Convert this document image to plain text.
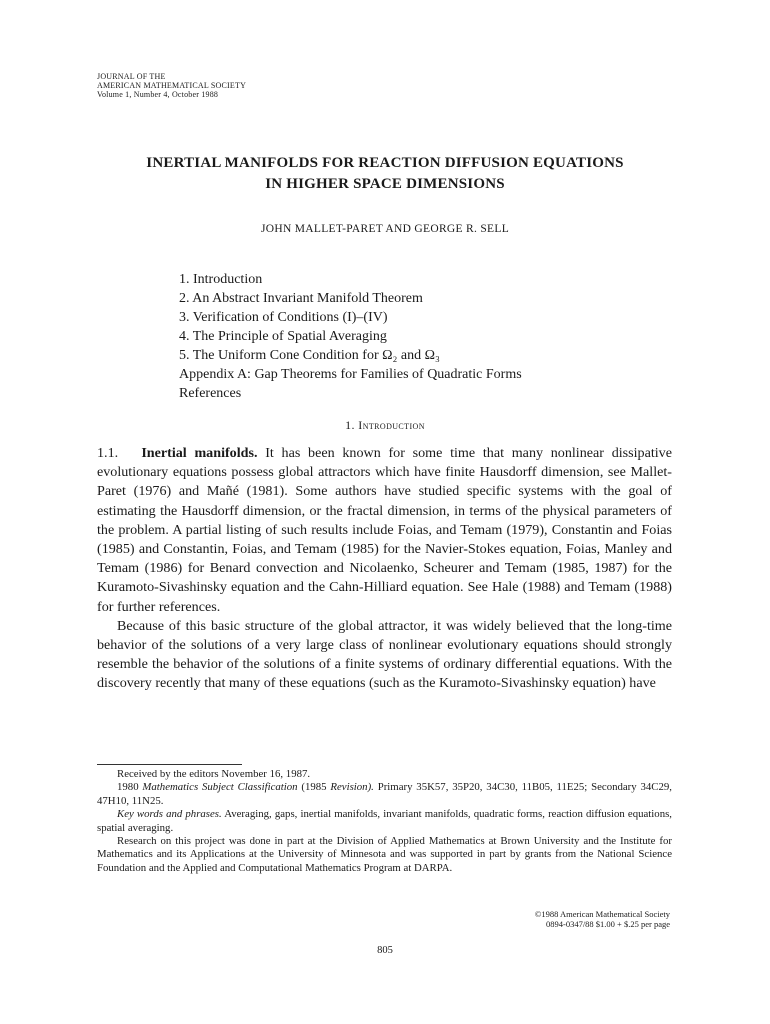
JOURNAL OF THE
AMERICAN MATHEMATICAL SOCIETY
Volume 1, Number 4, October 1988
INERTIAL MANIFOLDS FOR REACTION DIFFUSION EQUATIONS
IN HIGHER SPACE DIMENSIONS
JOHN MALLET-PARET AND GEORGE R. SELL
1. Introduction
2. An Abstract Invariant Manifold Theorem
3. Verification of Conditions (I)–(IV)
4. The Principle of Spatial Averaging
5. The Uniform Cone Condition for Ω₂ and Ω₃
Appendix A: Gap Theorems for Families of Quadratic Forms
References
1. Introduction

1.1. Inertial manifolds. It has been known for some time that many nonlinear dissipative evolutionary equations possess global attractors which have finite Hausdorff dimension, see Mallet-Paret (1976) and Mañé (1981). Some authors have studied specific systems with the goal of estimating the Hausdorff dimension, or the fractal dimension, in terms of the physical parameters of the problem. A partial listing of such results include Foias, and Temam (1979), Constantin and Foias (1985) and Constantin, Foias, and Temam (1985) for the Navier-Stokes equation, Foias, Manley and Temam (1986) for Benard convection and Nicolaenko, Scheurer and Temam (1985, 1987) for the Kuramoto-Sivashinsky equation and the Cahn-Hilliard equation. See Hale (1988) and Temam (1988) for further references.

Because of this basic structure of the global attractor, it was widely believed that the long-time behavior of the solutions of a very large class of nonlinear evolutionary equations should strongly resemble the behavior of the solutions of a finite systems of ordinary differential equations. With the discovery recently that many of these equations (such as the Kuramoto-Sivashinsky equation) have

Received by the editors November 16, 1987.

1980 Mathematics Subject Classification (1985 Revision). Primary 35K57, 35P20, 34C30, 11B05, 11E25; Secondary 34C29, 47H10, 11N25.

Key words and phrases. Averaging, gaps, inertial manifolds, invariant manifolds, quadratic forms, reaction diffusion equations, spatial averaging.

Research on this project was done in part at the Division of Applied Mathematics at Brown University and the Institute for Mathematics and its Applications at the University of Minnesota and was supported in part by grants from the National Science Foundation and the Applied and Computational Mathematics Program at DARPA.

©1988 American Mathematical Society
0894-0347/88 $1.00 + $.25 per page
805
